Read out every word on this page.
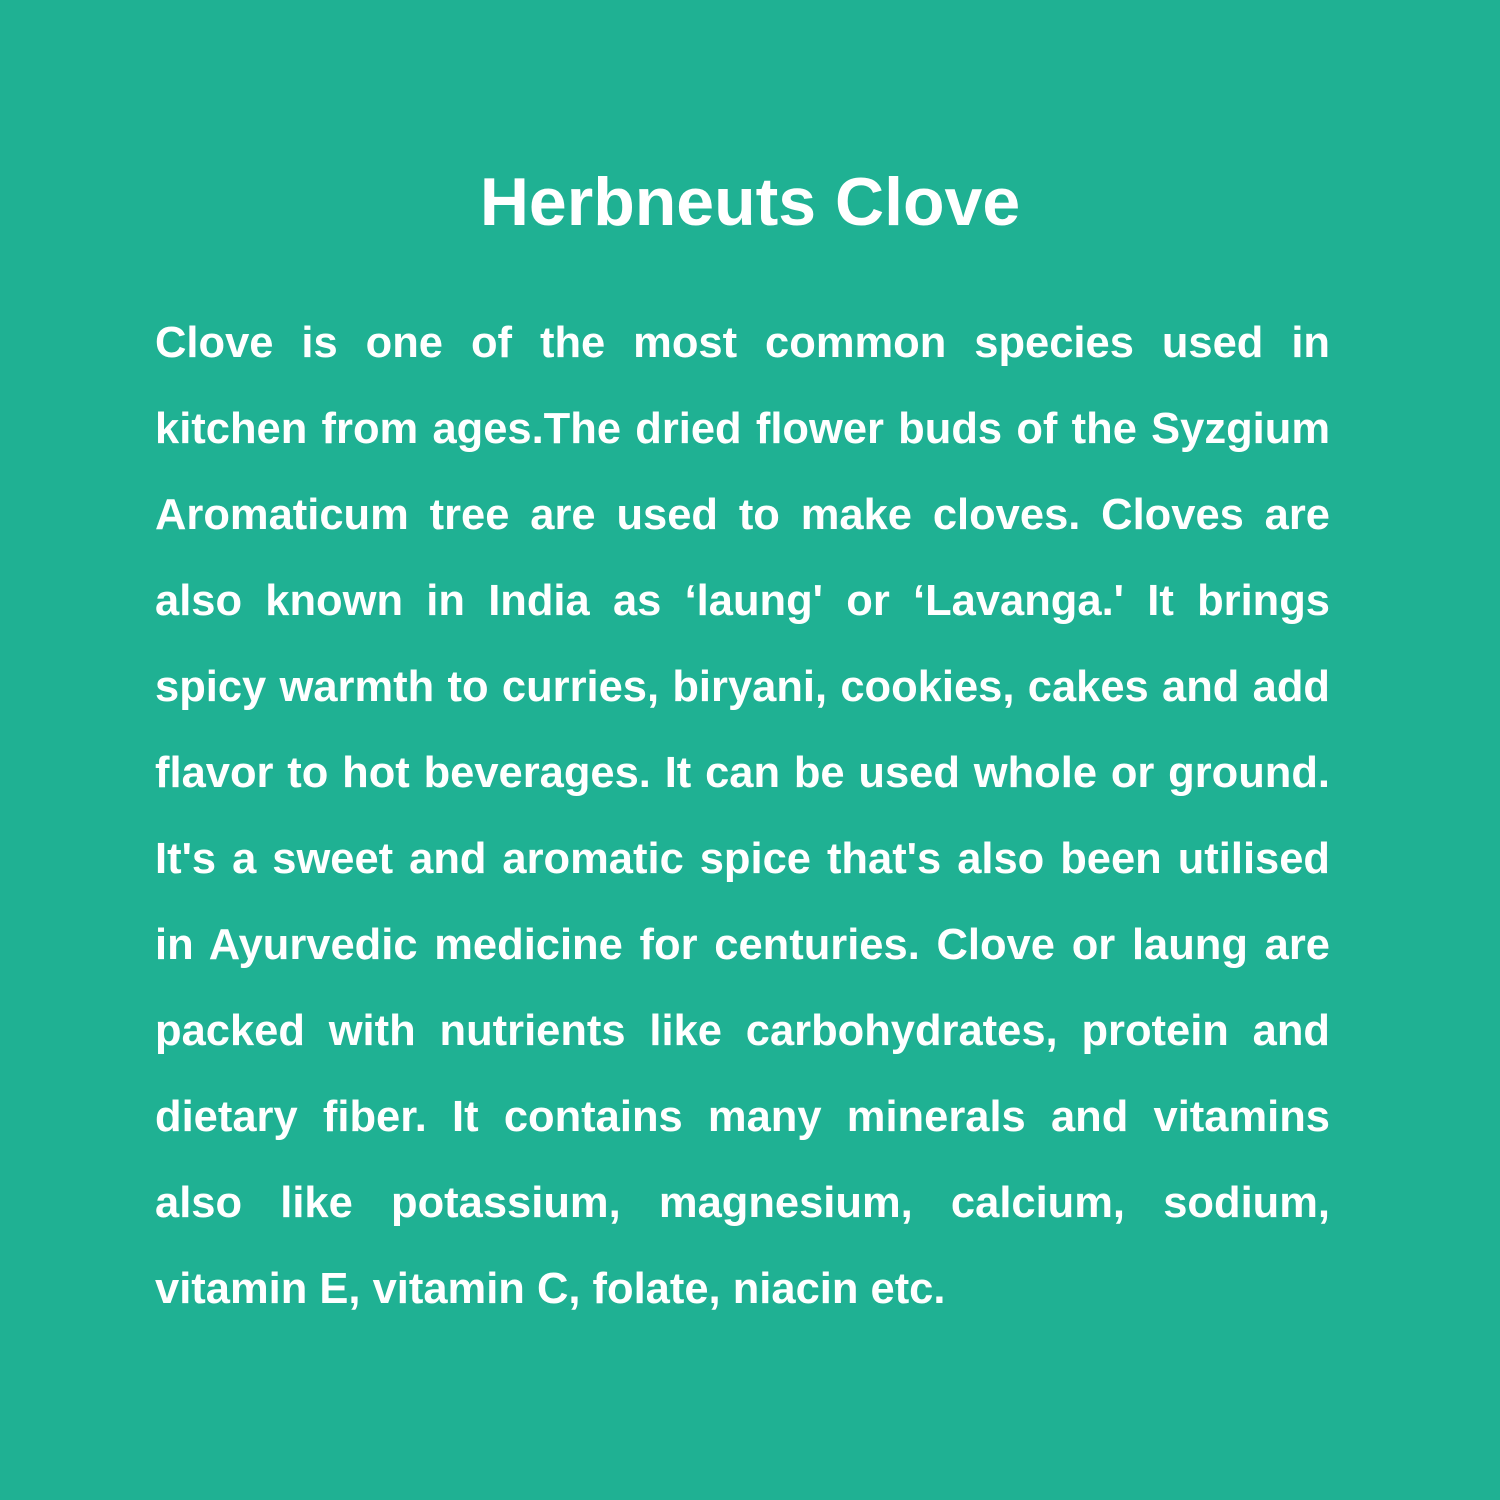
Herbneuts Clove

Clove is one of the most common species used in kitchen from ages.The dried flower buds of the Syzgium Aromaticum tree are used to make cloves. Cloves are also known in India as ‘laung' or ‘Lavanga.' It brings spicy warmth to curries, biryani, cookies, cakes and add flavor to hot beverages. It can be used whole or ground. It's a sweet and aromatic spice that's also been utilised in Ayurvedic medicine for centuries. Clove or laung are packed with nutrients like carbohydrates, protein and dietary fiber. It contains many minerals and vitamins also like potassium, magnesium, calcium, sodium, vitamin E, vitamin C, folate, niacin etc.
